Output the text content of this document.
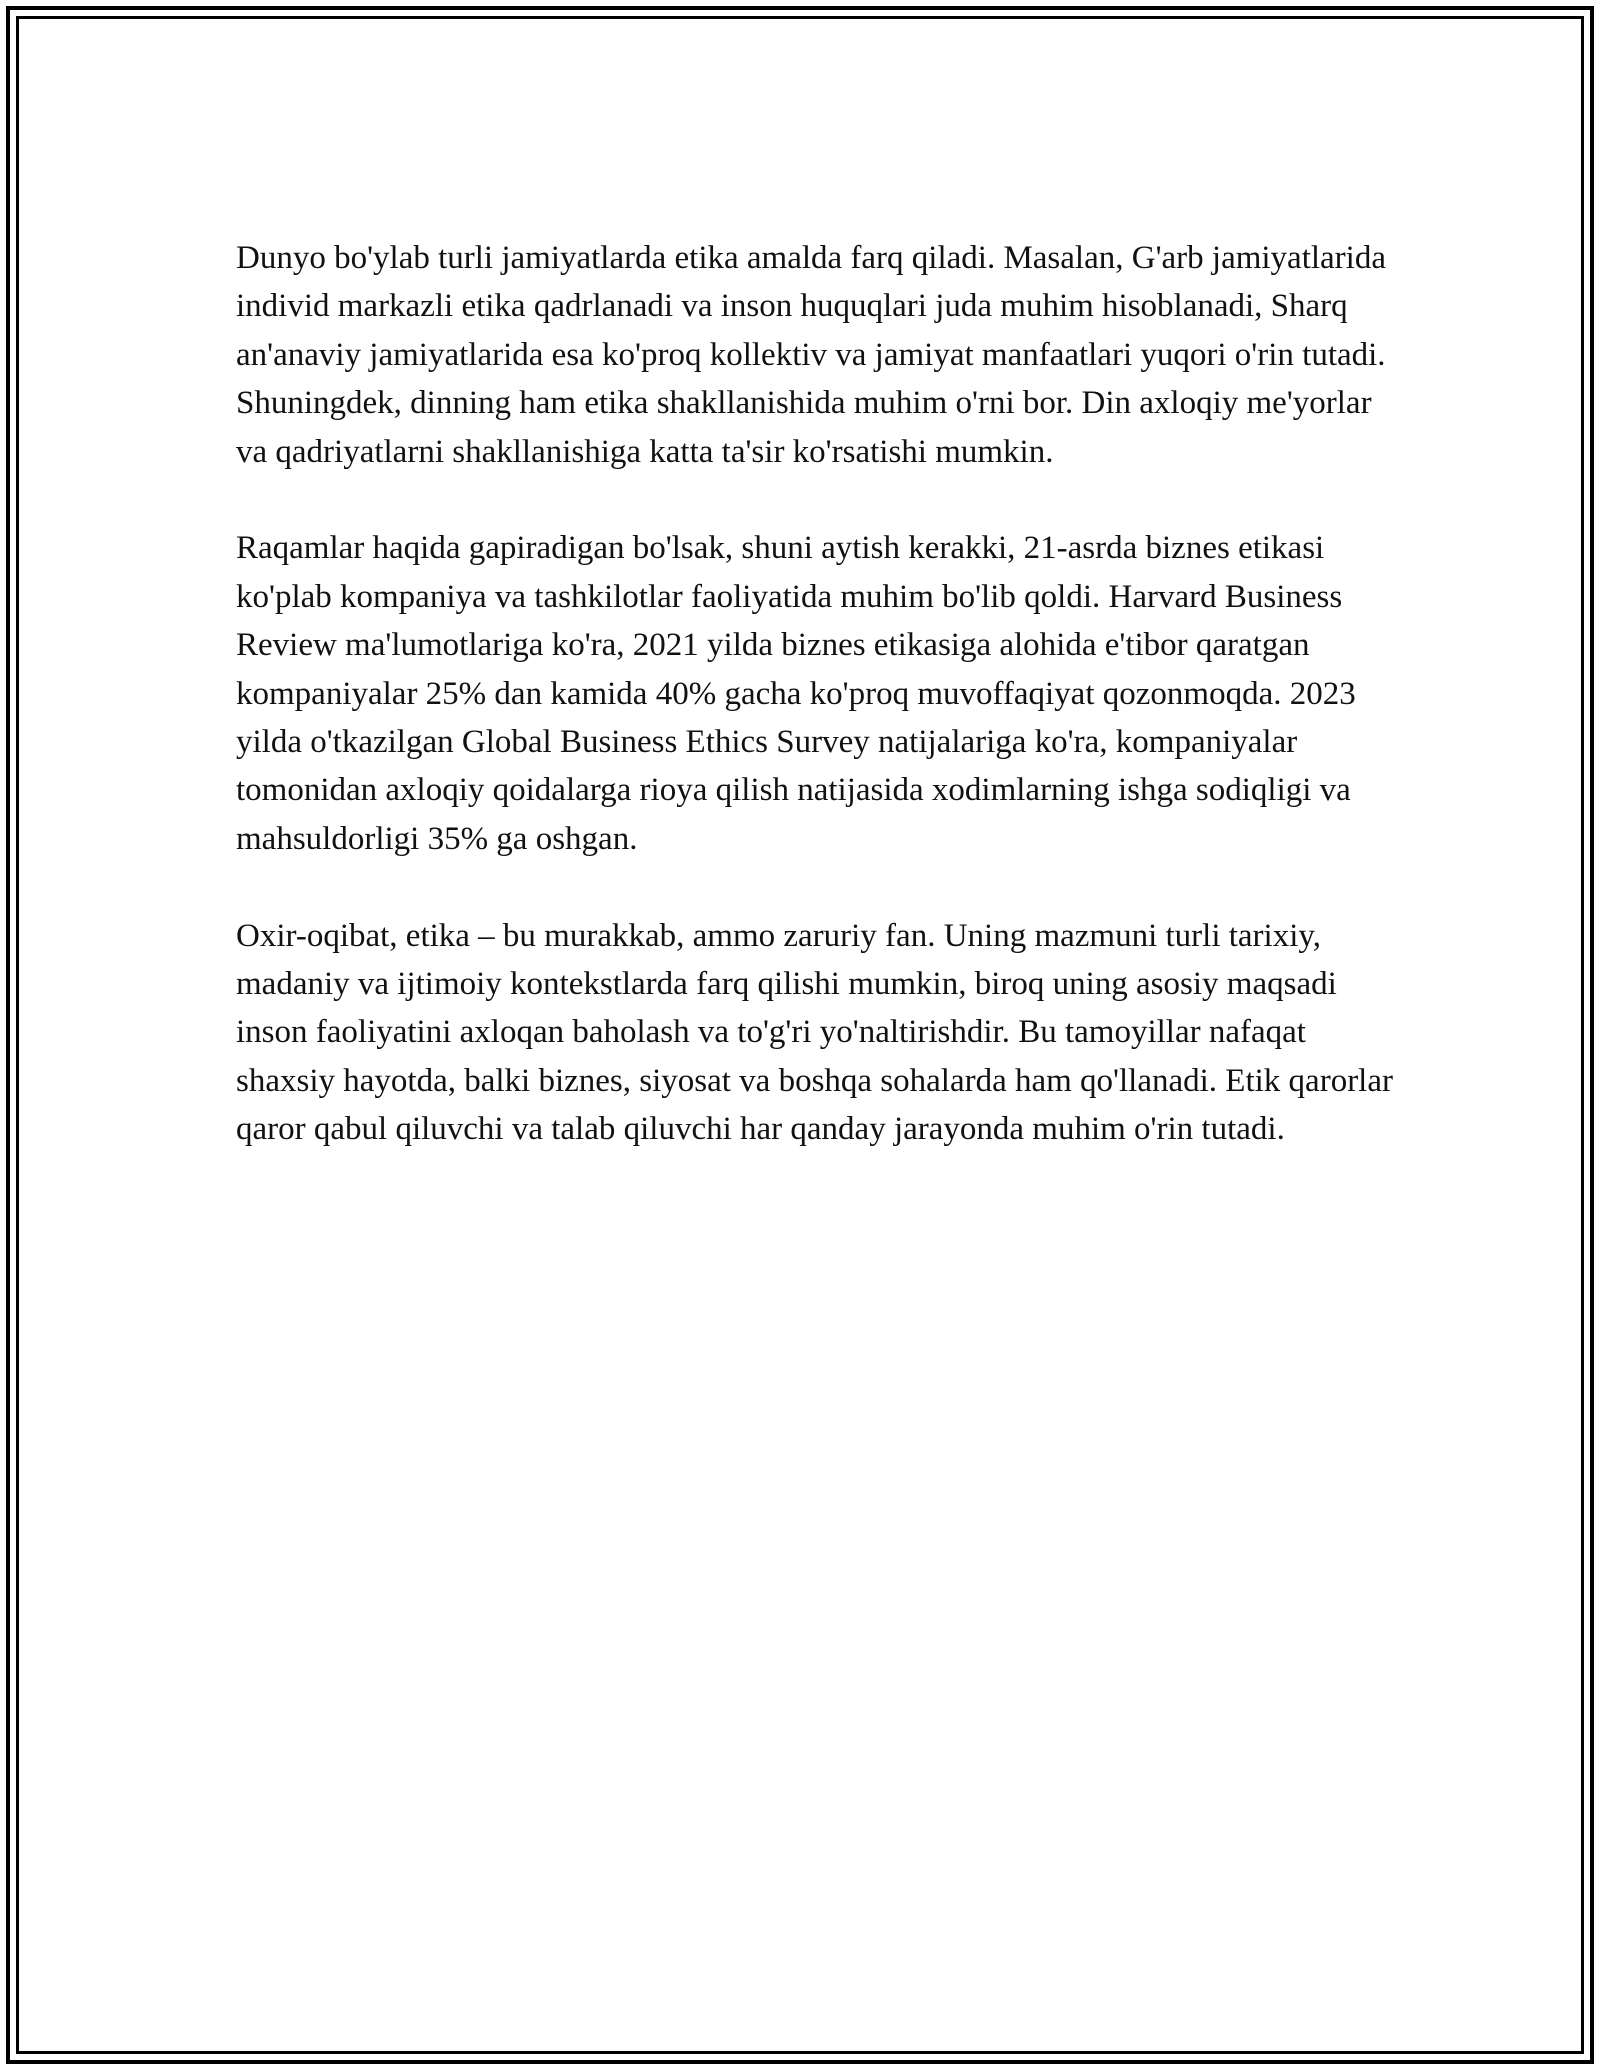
Dunyo bo'ylab turli jamiyatlarda etika amalda farq qiladi. Masalan, G'arb jamiyatlarida individ markazli etika qadrlanadi va inson huquqlari juda muhim hisoblanadi, Sharq an'anaviy jamiyatlarida esa ko'proq kollektiv va jamiyat manfaatlari yuqori o'rin tutadi. Shuningdek, dinning ham etika shakllanishida muhim o'rni bor. Din axloqiy me'yorlar va qadriyatlarni shakllanishiga katta ta'sir ko'rsatishi mumkin.

Raqamlar haqida gapiradigan bo'lsak, shuni aytish kerakki, 21-asrda biznes etikasi ko'plab kompaniya va tashkilotlar faoliyatida muhim bo'lib qoldi. Harvard Business Review ma'lumotlariga ko'ra, 2021 yilda biznes etikasiga alohida e'tibor qaratgan kompaniyalar 25% dan kamida 40% gacha ko'proq muvoffaqiyat qozonmoqda. 2023 yilda o'tkazilgan Global Business Ethics Survey natijalariga ko'ra, kompaniyalar tomonidan axloqiy qoidalarga rioya qilish natijasida xodimlarning ishga sodiqligi va mahsuldorligi 35% ga oshgan.

Oxir-oqibat, etika – bu murakkab, ammo zaruriy fan. Uning mazmuni turli tarixiy, madaniy va ijtimoiy kontekstlarda farq qilishi mumkin, biroq uning asosiy maqsadi inson faoliyatini axloqan baholash va to'g'ri yo'naltirishdir. Bu tamoyillar nafaqat shaxsiy hayotda, balki biznes, siyosat va boshqa sohalarda ham qo'llanadi. Etik qarorlar qaror qabul qiluvchi va talab qiluvchi har qanday jarayonda muhim o'rin tutadi.
